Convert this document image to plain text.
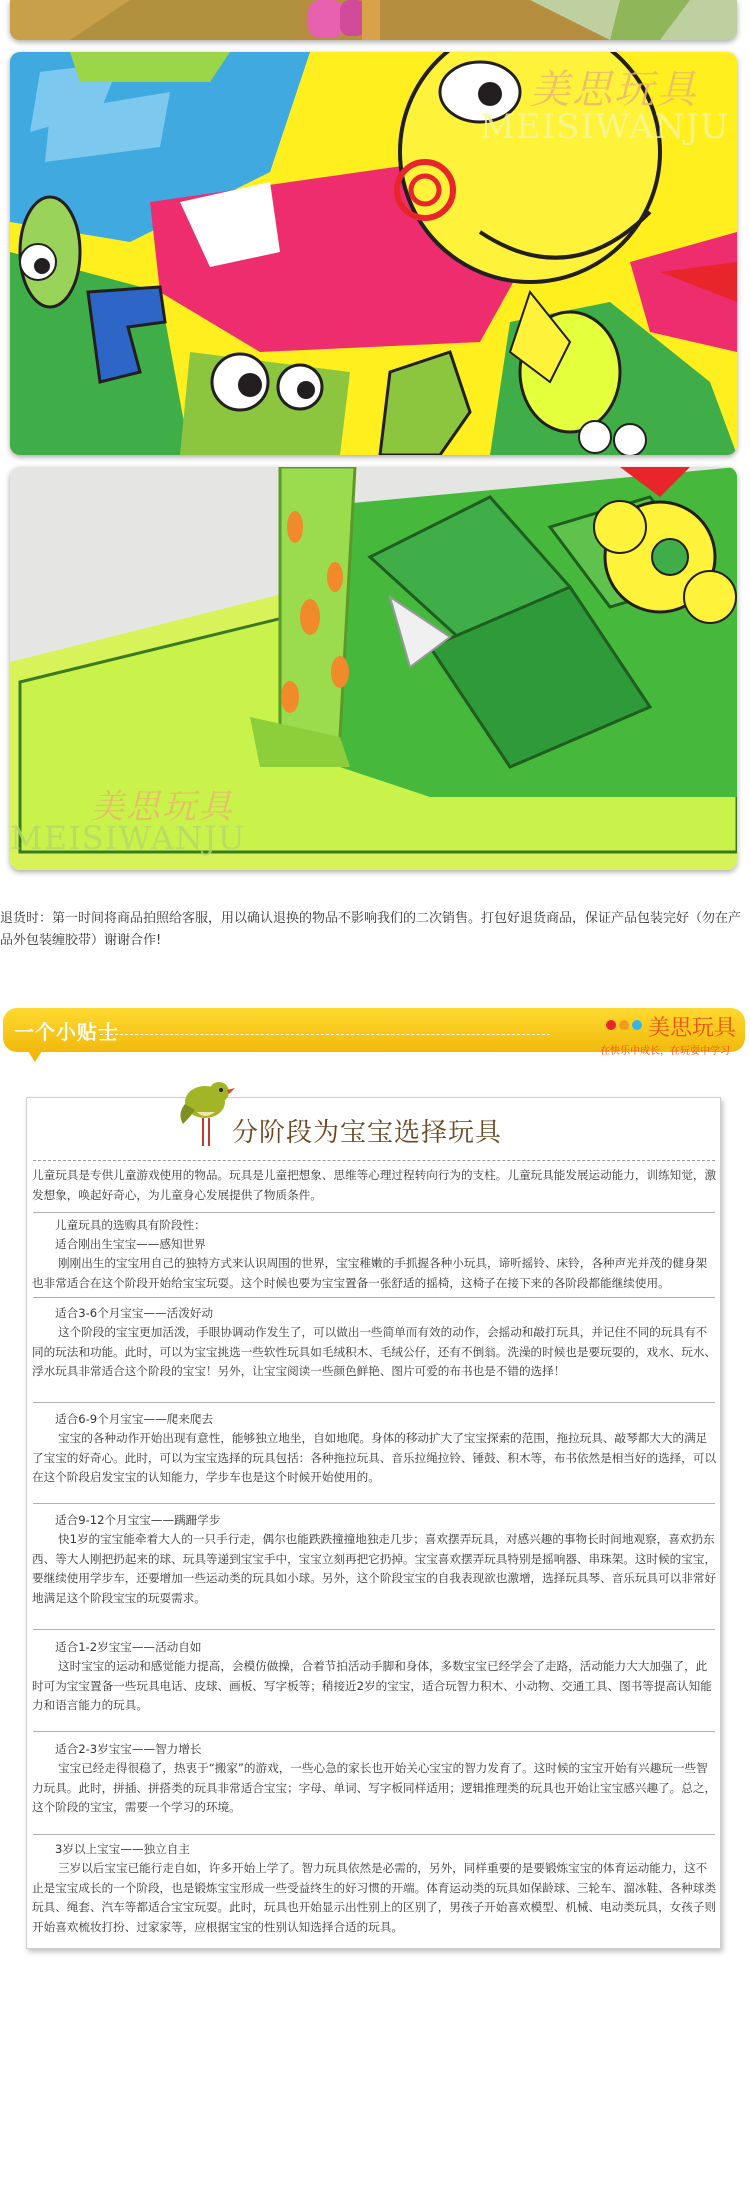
美思玩具
MEISIWANJU
美思玩具
MEISIWANJU
退货时：第一时间将商品拍照给客服，用以确认退换的物品不影响我们的二次销售。打包好退货商品，保证产品包装完好（勿在产品外包装缠胶带）谢谢合作!
一个小贴士	美思玩具
在快乐中成长，在玩耍中学习
分阶段为宝宝选择玩具
儿童玩具是专供儿童游戏使用的物品。玩具是儿童把想象、思维等心理过程转向行为的支柱。儿童玩具能发展运动能力，训练知觉，激发想象，唤起好奇心，为儿童身心发展提供了物质条件。
儿童玩具的选购具有阶段性：
适合刚出生宝宝——感知世界
刚刚出生的宝宝用自己的独特方式来认识周围的世界，宝宝稚嫩的手抓握各种小玩具，谛听摇铃、床铃，各种声光并茂的健身架也非常适合在这个阶段开始给宝宝玩耍。这个时候也要为宝宝置备一张舒适的摇椅，这椅子在接下来的各阶段都能继续使用。
适合3-6个月宝宝——活泼好动
这个阶段的宝宝更加活泼，手眼协调动作发生了，可以做出一些简单而有效的动作，会摇动和敲打玩具，并记住不同的玩具有不同的玩法和功能。此时，可以为宝宝挑选一些软性玩具如毛绒积木、毛绒公仔，还有不倒翁。洗澡的时候也是要玩耍的，戏水、玩水、浮水玩具非常适合这个阶段的宝宝！另外，让宝宝阅读一些颜色鲜艳、图片可爱的布书也是不错的选择！
适合6-9个月宝宝——爬来爬去
宝宝的各种动作开始出现有意性，能够独立地坐，自如地爬。身体的移动扩大了宝宝探索的范围，拖拉玩具、敲琴都大大的满足了宝宝的好奇心。此时，可以为宝宝选择的玩具包括：各种拖拉玩具、音乐拉绳拉铃、锤鼓、积木等，布书依然是相当好的选择，可以在这个阶段启发宝宝的认知能力，学步车也是这个时候开始使用的。
适合9-12个月宝宝——蹒跚学步
快1岁的宝宝能牵着大人的一只手行走，偶尔也能跌跌撞撞地独走几步；喜欢摆弄玩具，对感兴趣的事物长时间地观察，喜欢扔东西、等大人刚把扔起来的球、玩具等递到宝宝手中，宝宝立刻再把它扔掉。宝宝喜欢摆弄玩具特别是摇响器、串珠架。这时候的宝宝，要继续使用学步车，还要增加一些运动类的玩具如小球。另外，这个阶段宝宝的自我表现欲也激增，选择玩具琴、音乐玩具可以非常好地满足这个阶段宝宝的玩耍需求。
适合1-2岁宝宝——活动自如
这时宝宝的运动和感觉能力提高，会模仿做操，合着节拍活动手脚和身体，多数宝宝已经学会了走路，活动能力大大加强了，此时可为宝宝置备一些玩具电话、皮球、画板、写字板等；稍接近2岁的宝宝，适合玩智力积木、小动物、交通工具、图书等提高认知能力和语言能力的玩具。
适合2-3岁宝宝——智力增长
宝宝已经走得很稳了，热衷于“搬家”的游戏，一些心急的家长也开始关心宝宝的智力发育了。这时候的宝宝开始有兴趣玩一些智力玩具。此时，拼插、拼搭类的玩具非常适合宝宝；字母、单词、写字板同样适用；逻辑推理类的玩具也开始让宝宝感兴趣了。总之，这个阶段的宝宝，需要一个学习的环境。
3岁以上宝宝——独立自主
三岁以后宝宝已能行走自如，许多开始上学了。智力玩具依然是必需的，另外，同样重要的是要锻炼宝宝的体育运动能力，这不止是宝宝成长的一个阶段，也是锻炼宝宝形成一些受益终生的好习惯的开端。体育运动类的玩具如保龄球、三轮车、溜冰鞋、各种球类玩具、绳套、汽车等都适合宝宝玩耍。此时，玩具也开始显示出性别上的区别了，男孩子开始喜欢模型、机械、电动类玩具，女孩子则开始喜欢梳妆打扮、过家家等，应根据宝宝的性别认知选择合适的玩具。
